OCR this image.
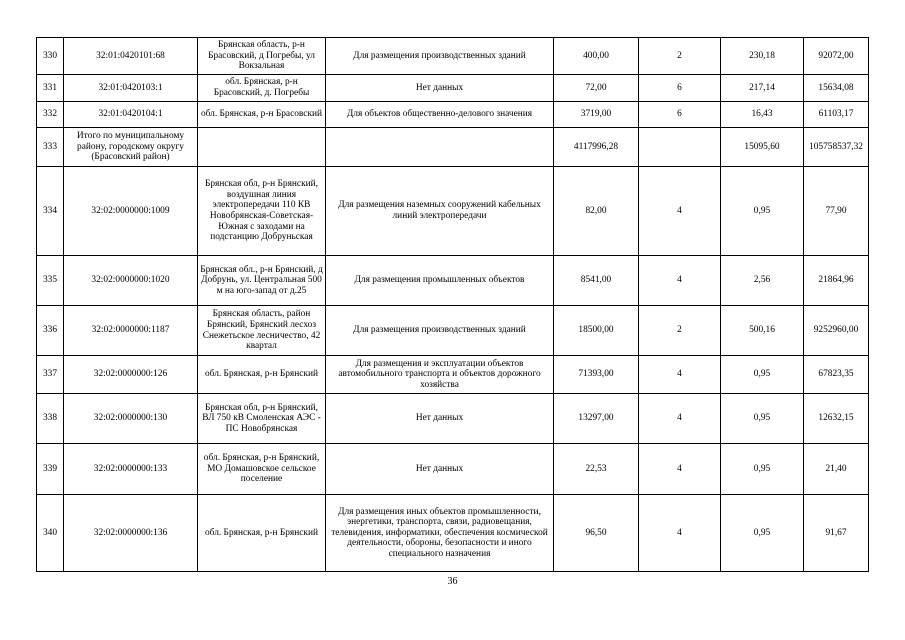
330	32:01:0420101:68	Брянская область, р-н Брасовский, д Погребы, ул Вокзальная	Для размещения производственных зданий	400,00	2	230,18	92072,00
331	32:01:0420103:1	обл. Брянская, р-н Брасовский, д. Погребы	Нет данных	72,00	6	217,14	15634,08
332	32:01:0420104:1	обл. Брянская, р-н Брасовский	Для объектов общественно-делового значения	3719,00	6	16,43	61103,17
333	Итого по муниципальному району, городскому округу (Брасовский район)			4117996,28		15095,60	105758537,32
334	32:02:0000000:1009	Брянская обл, р-н Брянский, воздушная линия электропередачи 110 КВ Новобрянская-Советская-Южная с заходами на подстанцию Добруньская	Для размещения наземных сооружений кабельных линий электропередачи	82,00	4	0,95	77,90
335	32:02:0000000:1020	Брянская обл., р-н Брянский, д Добрунь, ул. Центральная 500 м на юго-запад от д.25	Для размещения промышленных объектов	8541,00	4	2,56	21864,96
336	32:02:0000000:1187	Брянская область, район Брянский, Брянский лесхоз Снежетьское лесничество, 42 квартал	Для размещения производственных зданий	18500,00	2	500,16	9252960,00
337	32:02:0000000:126	обл. Брянская, р-н Брянский	Для размещения и эксплуатации объектов автомобильного транспорта и объектов дорожного хозяйства	71393,00	4	0,95	67823,35
338	32:02:0000000:130	Брянская обл, р-н Брянский, ВЛ 750 кВ Смоленская АЭС - ПС Новобрянская	Нет данных	13297,00	4	0,95	12632,15
339	32:02:0000000:133	обл. Брянская, р-н Брянский, МО Домашовское сельское поселение	Нет данных	22,53	4	0,95	21,40
340	32:02:0000000:136	обл. Брянская, р-н Брянский	Для размещения иных объектов промышленности, энергетики, транспорта, связи, радиовещания, телевидения, информатики, обеспечения космической деятельности, обороны, безопасности и иного специального назначения	96,50	4	0,95	91,67
36
